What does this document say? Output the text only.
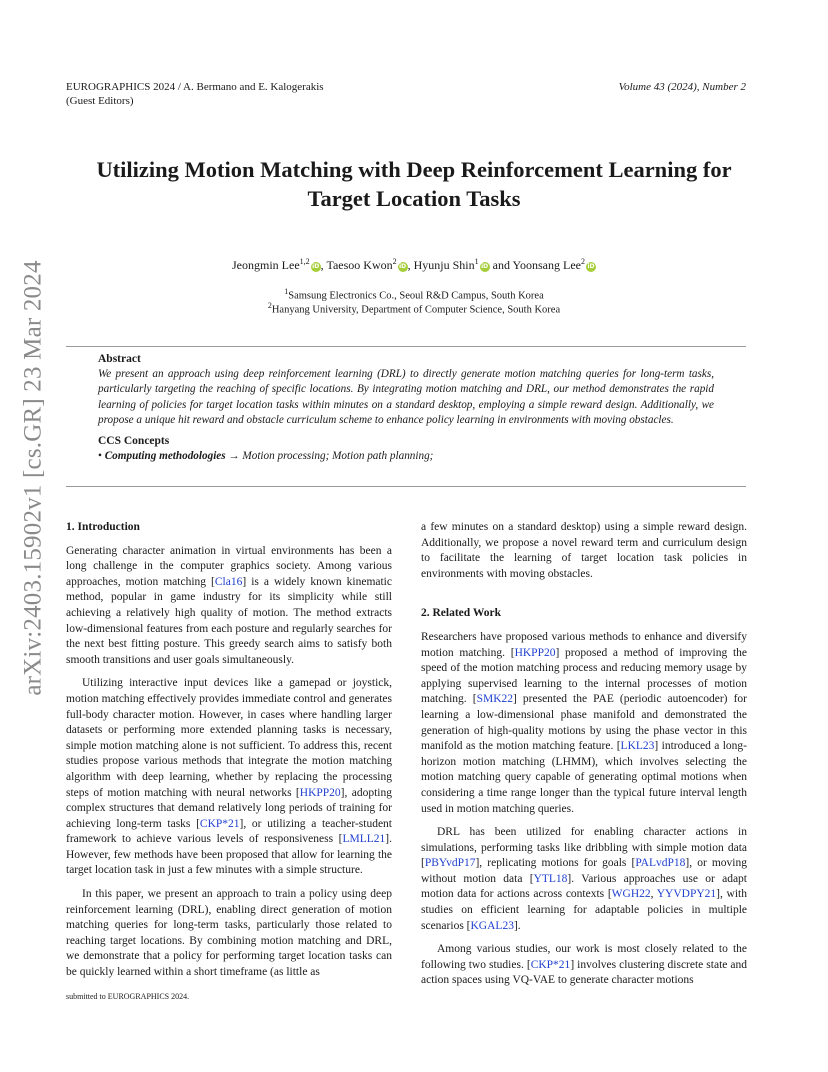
EUROGRAPHICS 2024 / A. Bermano and E. Kalogerakis
(Guest Editors)
Volume 43 (2024), Number 2
arXiv:2403.15902v1 [cs.GR] 23 Mar 2024
Utilizing Motion Matching with Deep Reinforcement Learning for
Target Location Tasks
Jeongmin Lee$^{1,2}$iD, Taesoo Kwon$^2$iD, Hyunju Shin$^1$iD and Yoonsang Lee$^2$iD
$^1$Samsung Electronics Co., Seoul R&D Campus, South Korea
$^2$Hanyang University, Department of Computer Science, South Korea
Abstract
We present an approach using deep reinforcement learning (DRL) to directly generate motion matching queries for long-term tasks, particularly targeting the reaching of specific locations. By integrating motion matching and DRL, our method demonstrates the rapid learning of policies for target location tasks within minutes on a standard desktop, employing a simple reward design. Additionally, we propose a unique hit reward and obstacle curriculum scheme to enhance policy learning in environments with moving obstacles.
CCS Concepts
• Computing methodologies → Motion processing; Motion path planning;

1. Introduction

Generating character animation in virtual environments has been a long challenge in the computer graphics society. Among various approaches, motion matching [Cla16] is a widely known kinematic method, popular in game industry for its simplicity while still achieving a relatively high quality of motion. The method extracts low-dimensional features from each posture and regularly searches for the next best fitting posture. This greedy search aims to satisfy both smooth transitions and user goals simultaneously.

Utilizing interactive input devices like a gamepad or joystick, motion matching effectively provides immediate control and generates full-body character motion. However, in cases where handling larger datasets or performing more extended planning tasks is necessary, simple motion matching alone is not sufficient. To address this, recent studies propose various methods that integrate the motion matching algorithm with deep learning, whether by replacing the processing steps of motion matching with neural networks [HKPP20], adopting complex structures that demand relatively long periods of training for achieving long-term tasks [CKP*21], or utilizing a teacher-student framework to achieve various levels of responsiveness [LMLL21]. However, few methods have been proposed that allow for learning the target location task in just a few minutes with a simple structure.

In this paper, we present an approach to train a policy using deep reinforcement learning (DRL), enabling direct generation of motion matching queries for long-term tasks, particularly those related to reaching target locations. By combining motion matching and DRL, we demonstrate that a policy for performing target location tasks can be quickly learned within a short timeframe (as little as

a few minutes on a standard desktop) using a simple reward design. Additionally, we propose a novel reward term and curriculum design to facilitate the learning of target location task policies in environments with moving obstacles.

2. Related Work

Researchers have proposed various methods to enhance and diversify motion matching. [HKPP20] proposed a method of improving the speed of the motion matching process and reducing memory usage by applying supervised learning to the internal processes of motion matching. [SMK22] presented the PAE (periodic autoencoder) for learning a low-dimensional phase manifold and demonstrated the generation of high-quality motions by using the phase vector in this manifold as the motion matching feature. [LKL23] introduced a long-horizon motion matching (LHMM), which involves selecting the motion matching query capable of generating optimal motions when considering a time range longer than the typical future interval length used in motion matching queries.

DRL has been utilized for enabling character actions in simulations, performing tasks like dribbling with simple motion data [PBYvdP17], replicating motions for goals [PALvdP18], or moving without motion data [YTL18]. Various approaches use or adapt motion data for actions across contexts [WGH22, YYVDPY21], with studies on efficient learning for adaptable policies in multiple scenarios [KGAL23].

Among various studies, our work is most closely related to the following two studies. [CKP*21] involves clustering discrete state and action spaces using VQ-VAE to generate character motions

submitted to EUROGRAPHICS 2024.
